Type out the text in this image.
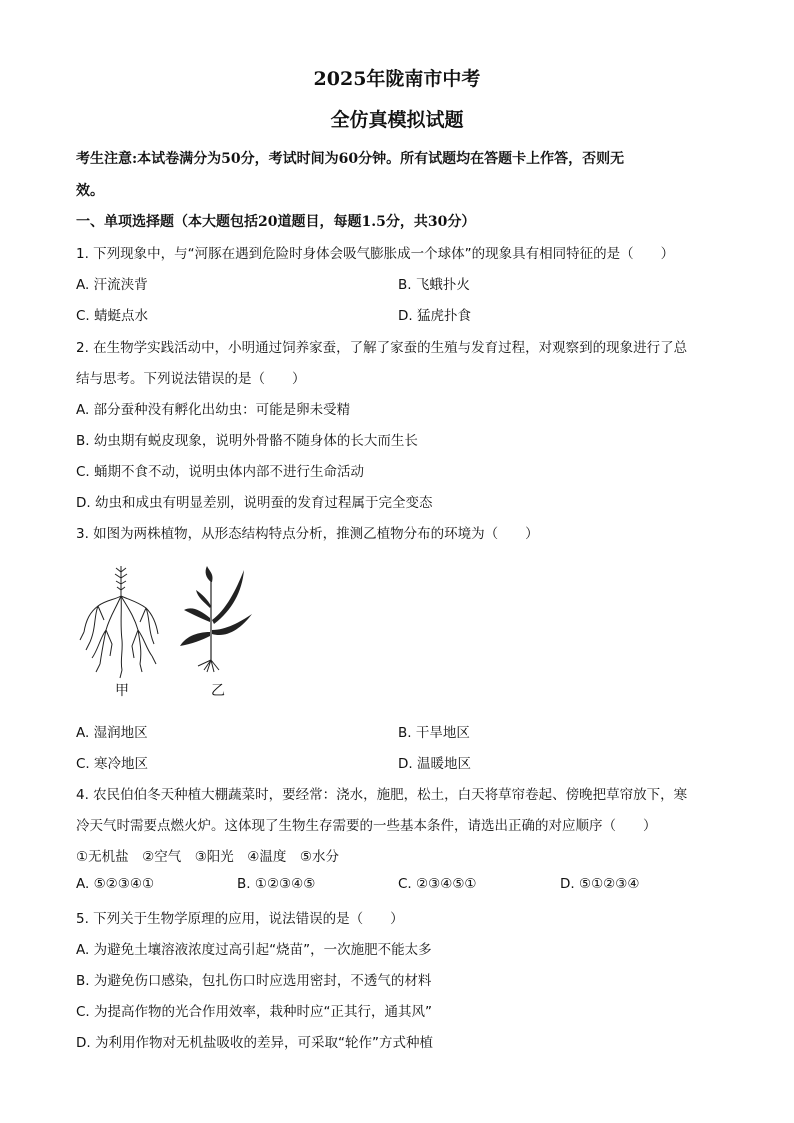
2025年陇南市中考
全仿真模拟试题
考生注意:本试卷满分为50分，考试时间为60分钟。所有试题均在答题卡上作答，否则无
效。
一、单项选择题（本大题包括20道题目，每题1.5分，共30分）
1. 下列现象中，与“河豚在遇到危险时身体会吸气膨胀成一个球体”的现象具有相同特征的是（　　）
A. 汗流浃背	B. 飞蛾扑火
C. 蜻蜓点水	D. 猛虎扑食
2. 在生物学实践活动中，小明通过饲养家蚕，了解了家蚕的生殖与发育过程，对观察到的现象进行了总
结与思考。下列说法错误的是（　　）
A. 部分蚕种没有孵化出幼虫：可能是卵未受精
B. 幼虫期有蜕皮现象，说明外骨骼不随身体的长大而生长
C. 蛹期不食不动，说明虫体内部不进行生命活动
D. 幼虫和成虫有明显差别，说明蚕的发育过程属于完全变态
3. 如图为两株植物，从形态结构特点分析，推测乙植物分布的环境为（　　）
甲	乙
A. 湿润地区	B. 干旱地区
C. 寒冷地区	D. 温暖地区
4. 农民伯伯冬天种植大棚蔬菜时，要经常：浇水，施肥，松土，白天将草帘卷起、傍晚把草帘放下，寒
冷天气时需要点燃火炉。这体现了生物生存需要的一些基本条件，请选出正确的对应顺序（　　）
①无机盐　②空气　③阳光　④温度　⑤水分
A. ⑤②③④①	B. ①②③④⑤	C. ②③④⑤①	D. ⑤①②③④
5. 下列关于生物学原理的应用，说法错误的是（　　）
A. 为避免土壤溶液浓度过高引起“烧苗”，一次施肥不能太多
B. 为避免伤口感染，包扎伤口时应选用密封，不透气的材料
C. 为提高作物的光合作用效率，栽种时应“正其行，通其风”
D. 为利用作物对无机盐吸收的差异，可采取“轮作”方式种植
